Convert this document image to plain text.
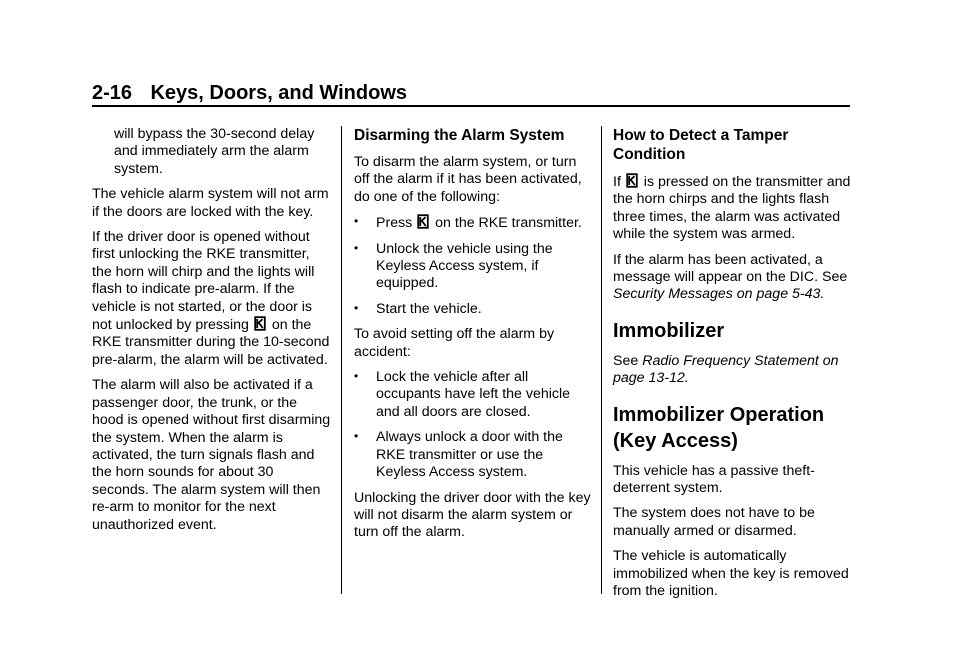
2-16 Keys, Doors, and Windows

will bypass the 30-second delay and immediately arm the alarm system.

The vehicle alarm system will not arm if the doors are locked with the key.

If the driver door is opened without first unlocking the RKE transmitter, the horn will chirp and the lights will flash to indicate pre-alarm. If the vehicle is not started, or the door is not unlocked by pressing on the RKE transmitter during the 10-second pre-alarm, the alarm will be activated.

The alarm will also be activated if a passenger door, the trunk, or the hood is opened without first disarming the system. When the alarm is activated, the turn signals flash and the horn sounds for about 30 seconds. The alarm system will then re-arm to monitor for the next unauthorized event.

Disarming the Alarm System

To disarm the alarm system, or turn off the alarm if it has been activated, do one of the following:

• Press on the RKE transmitter.
• Unlock the vehicle using the Keyless Access system, if equipped.
• Start the vehicle.

To avoid setting off the alarm by accident:

• Lock the vehicle after all occupants have left the vehicle and all doors are closed.
• Always unlock a door with the RKE transmitter or use the Keyless Access system.

Unlocking the driver door with the key will not disarm the alarm system or turn off the alarm.

How to Detect a Tamper Condition

If is pressed on the transmitter and the horn chirps and the lights flash three times, the alarm was activated while the system was armed.

If the alarm has been activated, a message will appear on the DIC. See Security Messages on page 5-43.

Immobilizer

See Radio Frequency Statement on page 13-12.

Immobilizer Operation (Key Access)

This vehicle has a passive theft-deterrent system.

The system does not have to be manually armed or disarmed.

The vehicle is automatically immobilized when the key is removed from the ignition.
